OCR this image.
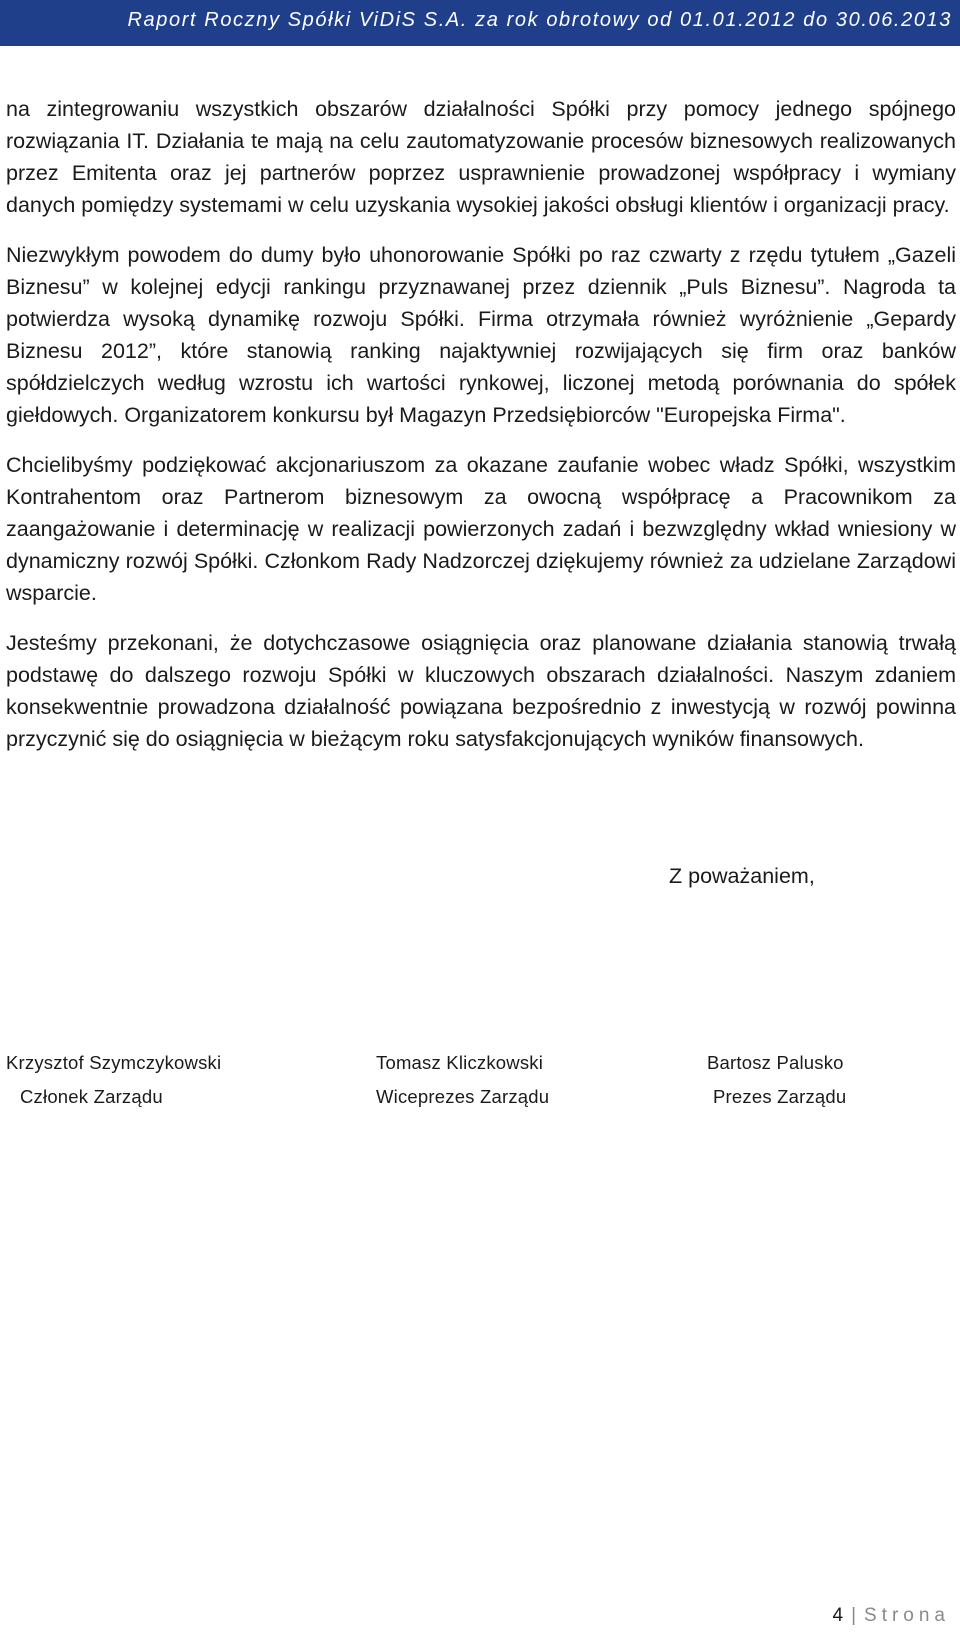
Raport Roczny Spółki ViDiS S.A. za rok obrotowy od 01.01.2012 do 30.06.2013

na zintegrowaniu wszystkich obszarów działalności Spółki przy pomocy jednego spójnego rozwiązania IT. Działania te mają na celu zautomatyzowanie procesów biznesowych realizowanych przez Emitenta oraz jej partnerów poprzez usprawnienie prowadzonej współpracy i wymiany danych pomiędzy systemami w celu uzyskania wysokiej jakości obsługi klientów i organizacji pracy.

Niezwykłym powodem do dumy było uhonorowanie Spółki po raz czwarty z rzędu tytułem „Gazeli Biznesu” w kolejnej edycji rankingu przyznawanej przez dziennik „Puls Biznesu”. Nagroda ta potwierdza wysoką dynamikę rozwoju Spółki. Firma otrzymała również wyróżnienie „Gepardy Biznesu 2012”, które stanowią ranking najaktywniej rozwijających się firm oraz banków spółdzielczych według wzrostu ich wartości rynkowej, liczonej metodą porównania do spółek giełdowych. Organizatorem konkursu był Magazyn Przedsiębiorców "Europejska Firma".

Chcielibyśmy podziękować akcjonariuszom za okazane zaufanie wobec władz Spółki, wszystkim Kontrahentom oraz Partnerom biznesowym za owocną współpracę a Pracownikom za zaangażowanie i determinację w realizacji powierzonych zadań i bezwzględny wkład wniesiony w dynamiczny rozwój Spółki. Członkom Rady Nadzorczej dziękujemy również za udzielane Zarządowi wsparcie.

Jesteśmy przekonani, że dotychczasowe osiągnięcia oraz planowane działania stanowią trwałą podstawę do dalszego rozwoju Spółki w kluczowych obszarach działalności. Naszym zdaniem konsekwentnie prowadzona działalność powiązana bezpośrednio z inwestycją w rozwój powinna przyczynić się do osiągnięcia w bieżącym roku satysfakcjonujących wyników finansowych.

Z poważaniem,
Krzysztof Szymczykowski
Członek Zarządu
Tomasz Kliczkowski
Wiceprezes Zarządu
Bartosz Palusko
Prezes Zarządu
4 | Strona
